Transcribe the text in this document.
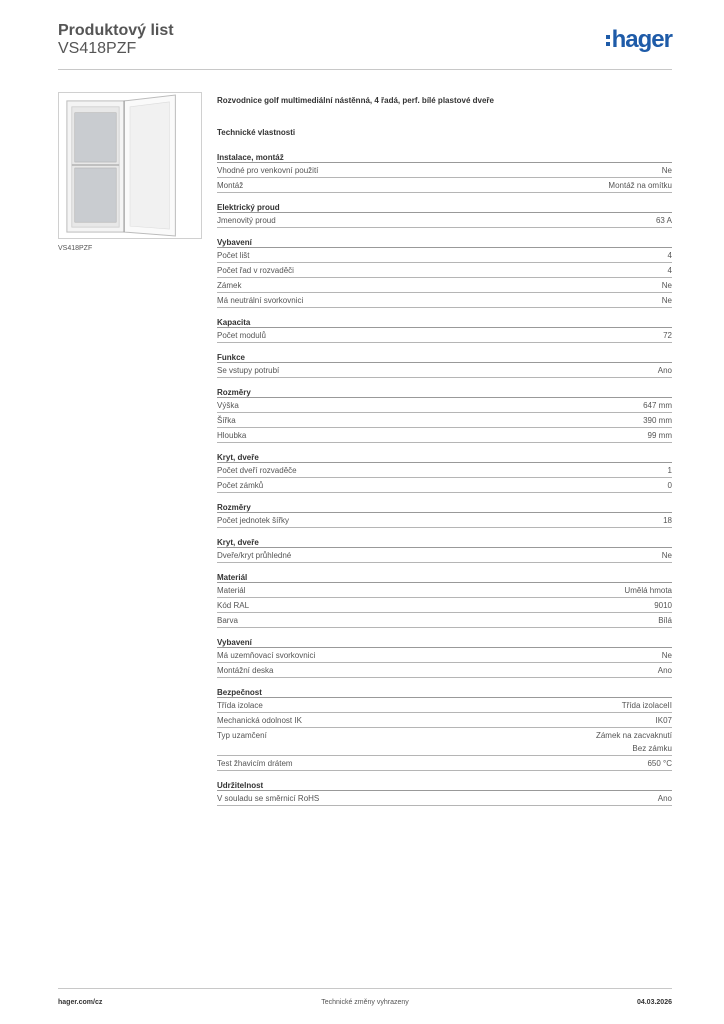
Produktový list
VS418PZF	hager
VS418PZF
Rozvodnice golf multimediální nástěnná, 4 řadá, perf. bílé plastové dveře
Technické vlastnosti
Instalace, montáž
Vhodné pro venkovní použití	Ne
Montáž	Montáž na omítku
Elektrický proud
Jmenovitý proud	63 A
Vybavení
Počet lišt	4
Počet řad v rozvaděči	4
Zámek	Ne
Má neutrální svorkovnici	Ne
Kapacita
Počet modulů	72
Funkce
Se vstupy potrubí	Ano
Rozměry
Výška	647 mm
Šířka	390 mm
Hloubka	99 mm
Kryt, dveře
Počet dveří rozvaděče	1
Počet zámků	0
Rozměry
Počet jednotek šířky	18
Kryt, dveře
Dveře/kryt průhledné	Ne
Materiál
Materiál	Umělá hmota
Kód RAL	9010
Barva	Bílá
Vybavení
Má uzemňovací svorkovnici	Ne
Montážní deska	Ano
Bezpečnost
Třída izolace	Třída izolaceII
Mechanická odolnost IK	IK07
Typ uzamčení	Zámek na zacvaknutí
Bez zámku
Test žhavicím drátem	650 °C
Udržitelnost
V souladu se směrnicí RoHS	Ano
hager.com/cz	Technické změny vyhrazeny	04.03.2026
